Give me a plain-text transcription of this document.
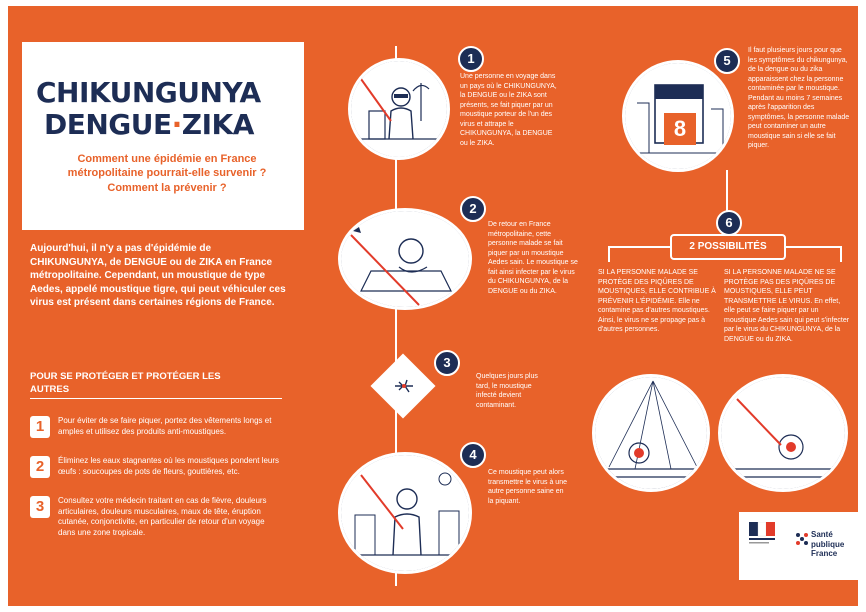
CHIKUNGUNYA
DENGUE·ZIKA
Comment une épidémie en France métropolitaine pourrait-elle survenir ?
Comment la prévenir ?
Aujourd'hui, il n'y a pas d'épidémie de CHIKUNGUNYA, de DENGUE ou de ZIKA en France métropolitaine. Cependant, un moustique de type Aedes, appelé moustique tigre, qui peut véhiculer ces virus est présent dans certaines régions de France.
POUR SE PROTÉGER ET PROTÉGER LES AUTRES
1	Pour éviter de se faire piquer, portez des vêtements longs et amples et utilisez des produits anti-moustiques.
2	Éliminez les eaux stagnantes où les moustiques pondent leurs œufs : soucoupes de pots de fleurs, gouttières, etc.
3	Consultez votre médecin traitant en cas de fièvre, douleurs articulaires, douleurs musculaires, maux de tête, éruption cutanée, conjonctivite, en particulier de retour d'un voyage dans une zone tropicale.
1
Une personne en voyage dans un pays où le CHIKUNGUNYA, la DENGUE ou le ZIKA sont présents, se fait piquer par un moustique porteur de l'un des virus et attrape le CHIKUNGUNYA, la DENGUE ou le ZIKA.
2
De retour en France métropolitaine, cette personne malade se fait piquer par un moustique Aedes sain. Le moustique se fait ainsi infecter par le virus du CHIKUNGUNYA, de la DENGUE ou du ZIKA.
3
Quelques jours plus tard, le moustique infecté devient contaminant.
4
Ce moustique peut alors transmettre le virus à une autre personne saine en la piquant.
8
5
Il faut plusieurs jours pour que les symptômes du chikungunya, de la dengue ou du zika apparaissent chez la personne contaminée par le moustique. Pendant au moins 7 semaines après l'apparition des symptômes, la personne malade peut contaminer un autre moustique sain si elle se fait piquer.
6
2 POSSIBILITÉS
SI LA PERSONNE MALADE SE PROTÈGE DES PIQÛRES DE MOUSTIQUES, ELLE CONTRIBUE À PRÉVENIR L'ÉPIDÉMIE. Elle ne contamine pas d'autres moustiques. Ainsi, le virus ne se propage pas à d'autres personnes.
SI LA PERSONNE MALADE NE SE PROTÈGE PAS DES PIQÛRES DE MOUSTIQUES, ELLE PEUT TRANSMETTRE LE VIRUS. En effet, elle peut se faire piquer par un moustique Aedes sain qui peut s'infecter par le virus du CHIKUNGUNYA, de la DENGUE ou du ZIKA.
Santé publique France
